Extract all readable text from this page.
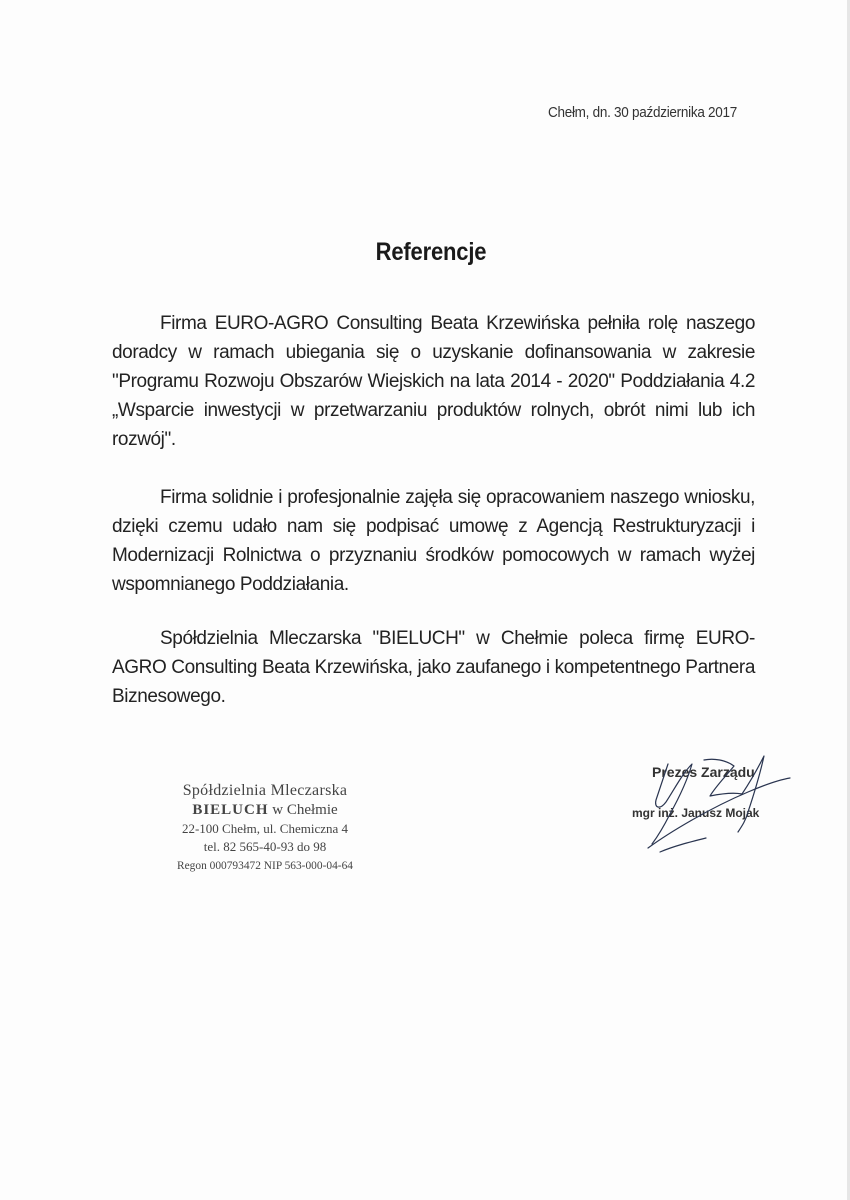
Chełm, dn. 30 października 2017
Referencje
Firma EURO-AGRO Consulting Beata Krzewińska pełniła rolę naszego doradcy w ramach ubiegania się o uzyskanie dofinansowania w zakresie "Programu Rozwoju Obszarów Wiejskich na lata 2014 - 2020" Poddziałania 4.2 „Wsparcie inwestycji w przetwarzaniu produktów rolnych, obrót nimi lub ich rozwój".
Firma solidnie i profesjonalnie zajęła się opracowaniem naszego wniosku, dzięki czemu udało nam się podpisać umowę z Agencją Restrukturyzacji i Modernizacji Rolnictwa o przyznaniu środków pomocowych w ramach wyżej wspomnianego Poddziałania.
Spółdzielnia Mleczarska "BIELUCH" w Chełmie poleca firmę EURO-AGRO Consulting Beata Krzewińska, jako zaufanego i kompetentnego Partnera Biznesowego.
Spółdzielnia Mleczarska
BIELUCH w Chełmie
22-100 Chełm, ul. Chemiczna 4
tel. 82 565-40-93 do 98
Regon 000793472 NIP 563-000-04-64
Prezes Zarządu
mgr inż. Janusz Mojak
